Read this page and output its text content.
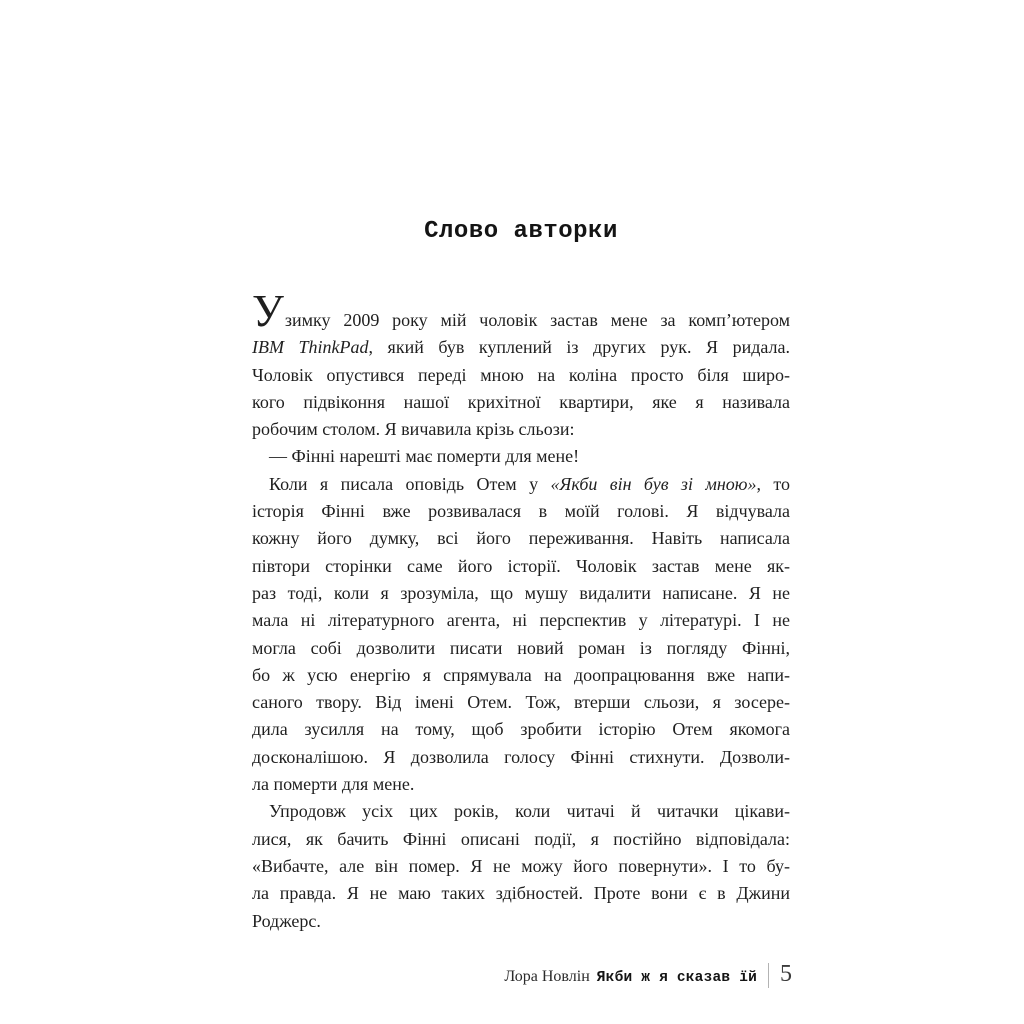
Слово авторки
Узимку 2009 року мій чоловік застав мене за комп’ютером
IBM ThinkPad, який був куплений із других рук. Я ридала.
Чоловік опустився переді мною на коліна просто біля широ-
кого підвіконня нашої крихітної квартири, яке я називала
робочим столом. Я вичавила крізь сльози:
— Фінні нарешті має померти для мене!
Коли я писала оповідь Отем у «Якби він був зі мною», то
історія Фінні вже розвивалася в моїй голові. Я відчувала
кожну його думку, всі його переживання. Навіть написала
півтори сторінки саме його історії. Чоловік застав мене як-
раз тоді, коли я зрозуміла, що мушу видалити написане. Я не
мала ні літературного агента, ні перспектив у літературі. І не
могла собі дозволити писати новий роман із погляду Фінні,
бо ж усю енергію я спрямувала на доопрацювання вже напи-
саного твору. Від імені Отем. Тож, втерши сльози, я зосере-
дила зусилля на тому, щоб зробити історію Отем якомога
досконалішою. Я дозволила голосу Фінні стихнути. Дозволи-
ла померти для мене.
Упродовж усіх цих років, коли читачі й читачки цікави-
лися, як бачить Фінні описані події, я постійно відповідала:
«Вибачте, але він помер. Я не можу його повернути». І то бу-
ла правда. Я не маю таких здібностей. Проте вони є в Джини
Роджерс.
Лора Новлін Якби ж я сказав їй 5
